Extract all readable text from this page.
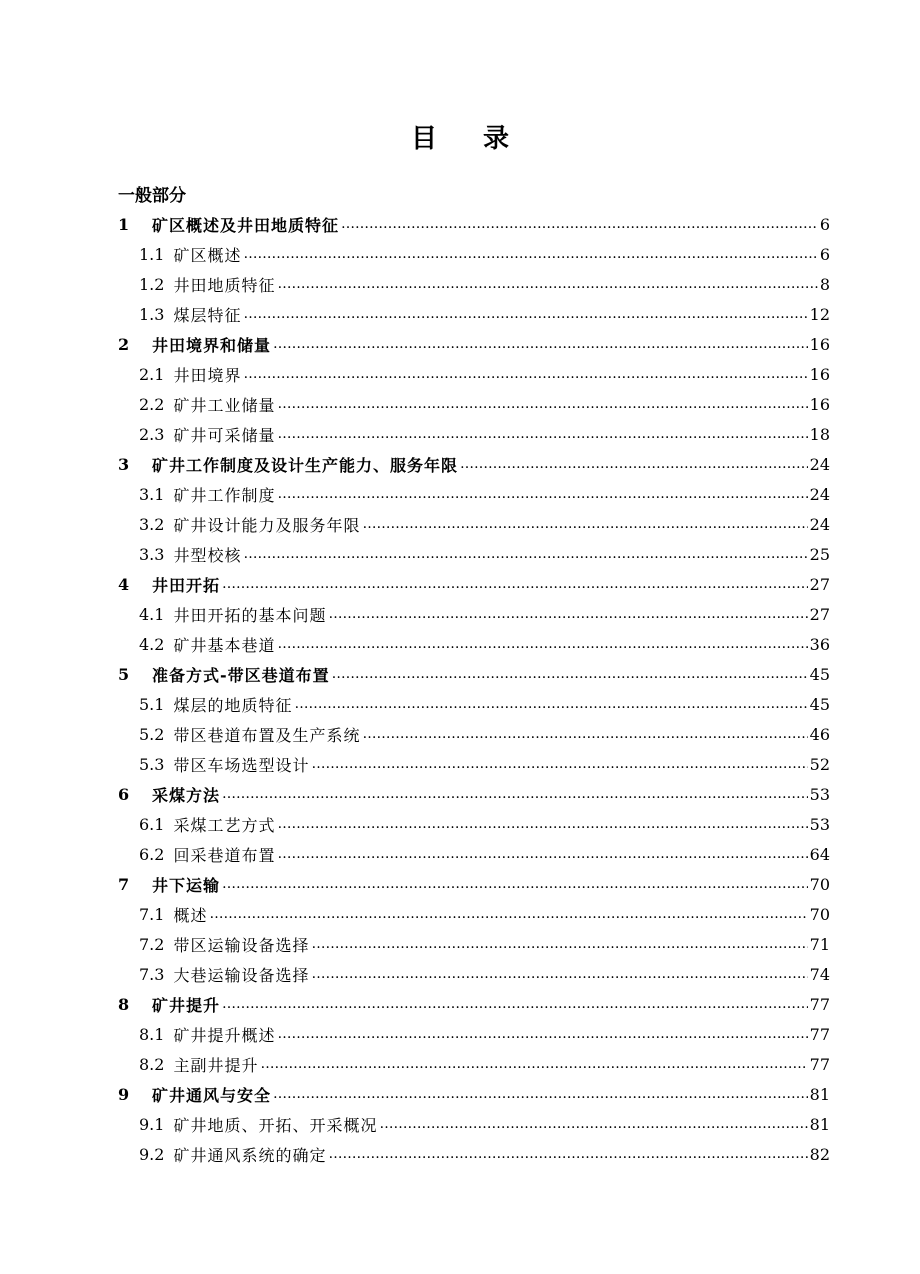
目 录
一般部分
1	矿区概述及井田地质特征 …………………………………………………………………………………………………………………………………………………………………………………………………………………………	6
1.1 矿区概述 …………………………………………………………………………………………………………………………………………………………………………………………………………………………	6
1.2 井田地质特征 …………………………………………………………………………………………………………………………………………………………………………………………………………………………	8
1.3 煤层特征 …………………………………………………………………………………………………………………………………………………………………………………………………………………………	12
2	井田境界和储量 …………………………………………………………………………………………………………………………………………………………………………………………………………………………	16
2.1 井田境界 …………………………………………………………………………………………………………………………………………………………………………………………………………………………	16
2.2 矿井工业储量 …………………………………………………………………………………………………………………………………………………………………………………………………………………………	16
2.3 矿井可采储量 …………………………………………………………………………………………………………………………………………………………………………………………………………………………	18
3	矿井工作制度及设计生产能力、服务年限 …………………………………………………………………………………………………………………………………………………………………………………………………………………………	24
3.1 矿井工作制度 …………………………………………………………………………………………………………………………………………………………………………………………………………………………	24
3.2 矿井设计能力及服务年限 …………………………………………………………………………………………………………………………………………………………………………………………………………………………	24
3.3 井型校核 …………………………………………………………………………………………………………………………………………………………………………………………………………………………	25
4	井田开拓 …………………………………………………………………………………………………………………………………………………………………………………………………………………………	27
4.1 井田开拓的基本问题 …………………………………………………………………………………………………………………………………………………………………………………………………………………………	27
4.2 矿井基本巷道 …………………………………………………………………………………………………………………………………………………………………………………………………………………………	36
5	准备方式-带区巷道布置 …………………………………………………………………………………………………………………………………………………………………………………………………………………………	45
5.1 煤层的地质特征 …………………………………………………………………………………………………………………………………………………………………………………………………………………………	45
5.2 带区巷道布置及生产系统 …………………………………………………………………………………………………………………………………………………………………………………………………………………………	46
5.3 带区车场选型设计 …………………………………………………………………………………………………………………………………………………………………………………………………………………………	52
6	采煤方法 …………………………………………………………………………………………………………………………………………………………………………………………………………………………	53
6.1 采煤工艺方式 …………………………………………………………………………………………………………………………………………………………………………………………………………………………	53
6.2 回采巷道布置 …………………………………………………………………………………………………………………………………………………………………………………………………………………………	64
7	井下运输 …………………………………………………………………………………………………………………………………………………………………………………………………………………………	70
7.1 概述 …………………………………………………………………………………………………………………………………………………………………………………………………………………………	70
7.2 带区运输设备选择 …………………………………………………………………………………………………………………………………………………………………………………………………………………………	71
7.3 大巷运输设备选择 …………………………………………………………………………………………………………………………………………………………………………………………………………………………	74
8	矿井提升 …………………………………………………………………………………………………………………………………………………………………………………………………………………………	77
8.1 矿井提升概述 …………………………………………………………………………………………………………………………………………………………………………………………………………………………	77
8.2 主副井提升 …………………………………………………………………………………………………………………………………………………………………………………………………………………………	77
9	矿井通风与安全 …………………………………………………………………………………………………………………………………………………………………………………………………………………………	81
9.1 矿井地质、开拓、开采概况 …………………………………………………………………………………………………………………………………………………………………………………………………………………………	81
9.2 矿井通风系统的确定 …………………………………………………………………………………………………………………………………………………………………………………………………………………………	82
